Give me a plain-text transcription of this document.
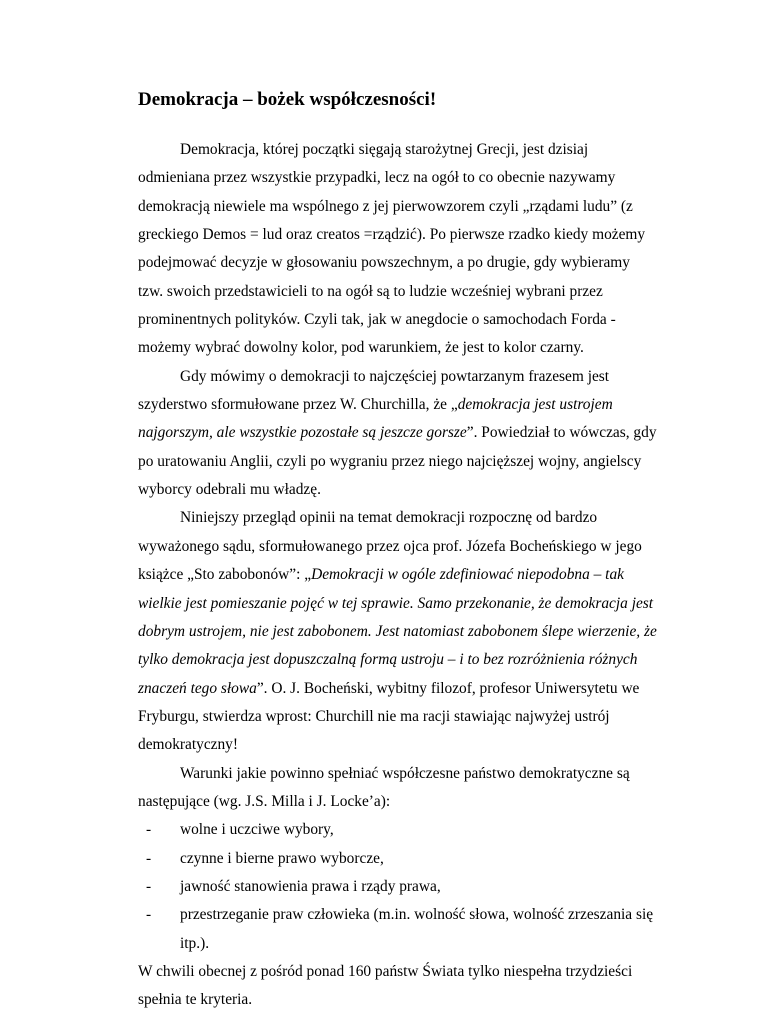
Demokracja – bożek współczesności!

Demokracja, której początki sięgają starożytnej Grecji, jest dzisiaj odmieniana przez wszystkie przypadki, lecz na ogół to co obecnie nazywamy demokracją niewiele ma wspólnego z jej pierwowzorem czyli „rządami ludu” (z greckiego Demos = lud oraz creatos =rządzić). Po pierwsze rzadko kiedy możemy podejmować decyzje w głosowaniu powszechnym, a po drugie, gdy wybieramy tzw. swoich przedstawicieli to na ogół są to ludzie wcześniej wybrani przez prominentnych polityków. Czyli tak, jak w anegdocie o samochodach Forda - możemy wybrać dowolny kolor, pod warunkiem, że jest to kolor czarny.

Gdy mówimy o demokracji to najczęściej powtarzanym frazesem jest szyderstwo sformułowane przez W. Churchilla, że „demokracja jest ustrojem najgorszym, ale wszystkie pozostałe są jeszcze gorsze”. Powiedział to wówczas, gdy po uratowaniu Anglii, czyli po wygraniu przez niego najcięższej wojny, angielscy wyborcy odebrali mu władzę.

Niniejszy przegląd opinii na temat demokracji rozpocznę od bardzo wyważonego sądu, sformułowanego przez ojca prof. Józefa Bocheńskiego w jego książce „Sto zabobonów”: „Demokracji w ogóle zdefiniować niepodobna – tak wielkie jest pomieszanie pojęć w tej sprawie. Samo przekonanie, że demokracja jest dobrym ustrojem, nie jest zabobonem. Jest natomiast zabobonem ślepe wierzenie, że tylko demokracja jest dopuszczalną formą ustroju – i to bez rozróżnienia różnych znaczeń tego słowa”. O. J. Bocheński, wybitny filozof, profesor Uniwersytetu we Fryburgu, stwierdza wprost: Churchill nie ma racji stawiając najwyżej ustrój demokratyczny!

Warunki jakie powinno spełniać współczesne państwo demokratyczne są następujące (wg. J.S. Milla i J. Locke’a):

- wolne i uczciwe wybory,
- czynne i bierne prawo wyborcze,
- jawność stanowienia prawa i rządy prawa,
- przestrzeganie praw człowieka (m.in. wolność słowa, wolność zrzeszania się itp.).

W chwili obecnej z pośród ponad 160 państw Świata tylko niespełna trzydzieści spełnia te kryteria.
